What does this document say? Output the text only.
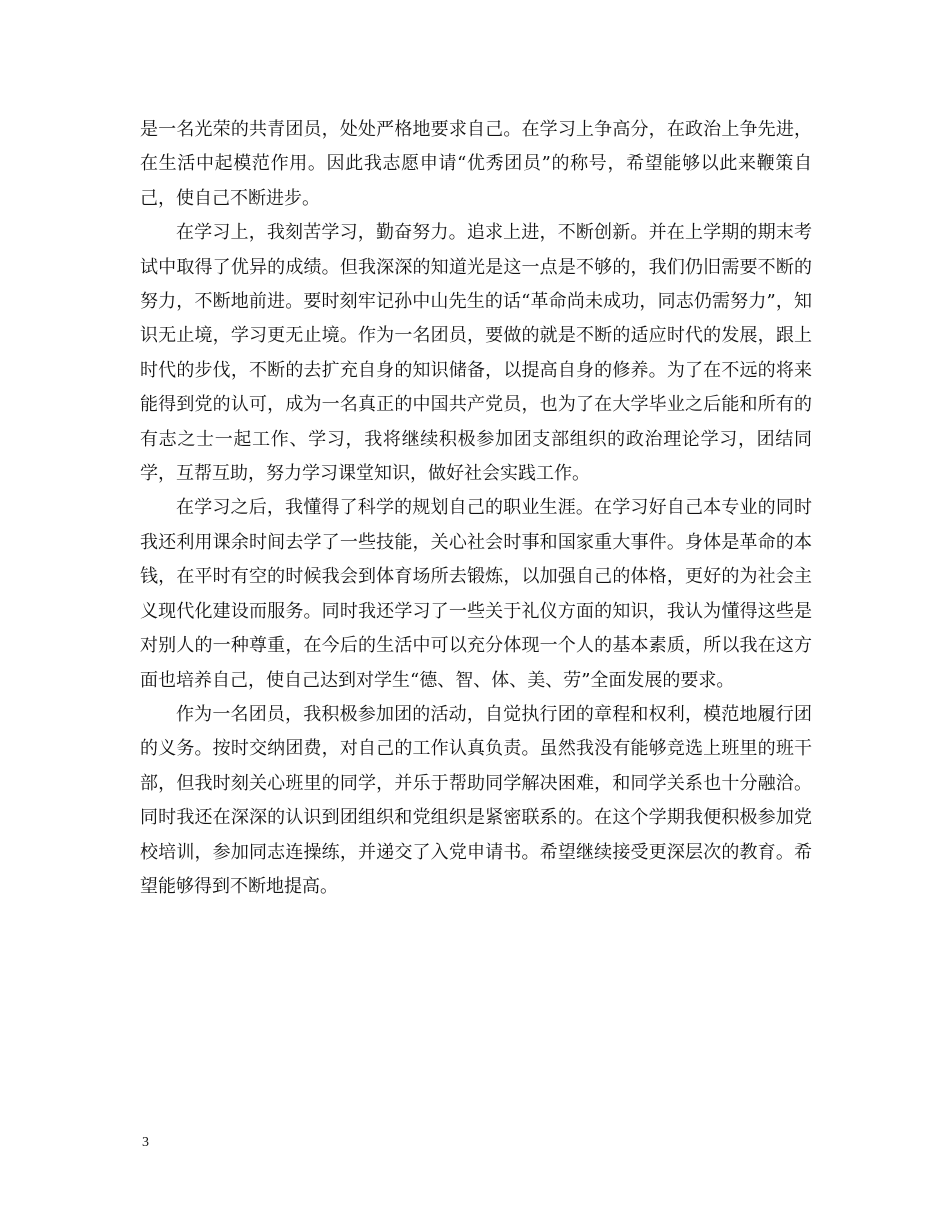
是一名光荣的共青团员，处处严格地要求自己。在学习上争高分，在政治上争先进，在生活中起模范作用。因此我志愿申请“优秀团员”的称号，希望能够以此来鞭策自己，使自己不断进步。

在学习上，我刻苦学习，勤奋努力。追求上进，不断创新。并在上学期的期末考试中取得了优异的成绩。但我深深的知道光是这一点是不够的，我们仍旧需要不断的努力，不断地前进。要时刻牢记孙中山先生的话“革命尚未成功，同志仍需努力”，知识无止境，学习更无止境。作为一名团员，要做的就是不断的适应时代的发展，跟上时代的步伐，不断的去扩充自身的知识储备，以提高自身的修养。为了在不远的将来能得到党的认可，成为一名真正的中国共产党员，也为了在大学毕业之后能和所有的有志之士一起工作、学习，我将继续积极参加团支部组织的政治理论学习，团结同学，互帮互助，努力学习课堂知识，做好社会实践工作。

在学习之后，我懂得了科学的规划自己的职业生涯。在学习好自己本专业的同时我还利用课余时间去学了一些技能，关心社会时事和国家重大事件。身体是革命的本钱，在平时有空的时候我会到体育场所去锻炼，以加强自己的体格，更好的为社会主义现代化建设而服务。同时我还学习了一些关于礼仪方面的知识，我认为懂得这些是对别人的一种尊重，在今后的生活中可以充分体现一个人的基本素质，所以我在这方面也培养自己，使自己达到对学生“德、智、体、美、劳”全面发展的要求。

作为一名团员，我积极参加团的活动，自觉执行团的章程和权利，模范地履行团的义务。按时交纳团费，对自己的工作认真负责。虽然我没有能够竞选上班里的班干部，但我时刻关心班里的同学，并乐于帮助同学解决困难，和同学关系也十分融洽。同时我还在深深的认识到团组织和党组织是紧密联系的。在这个学期我便积极参加党校培训，参加同志连操练，并递交了入党申请书。希望继续接受更深层次的教育。希望能够得到不断地提高。

3
